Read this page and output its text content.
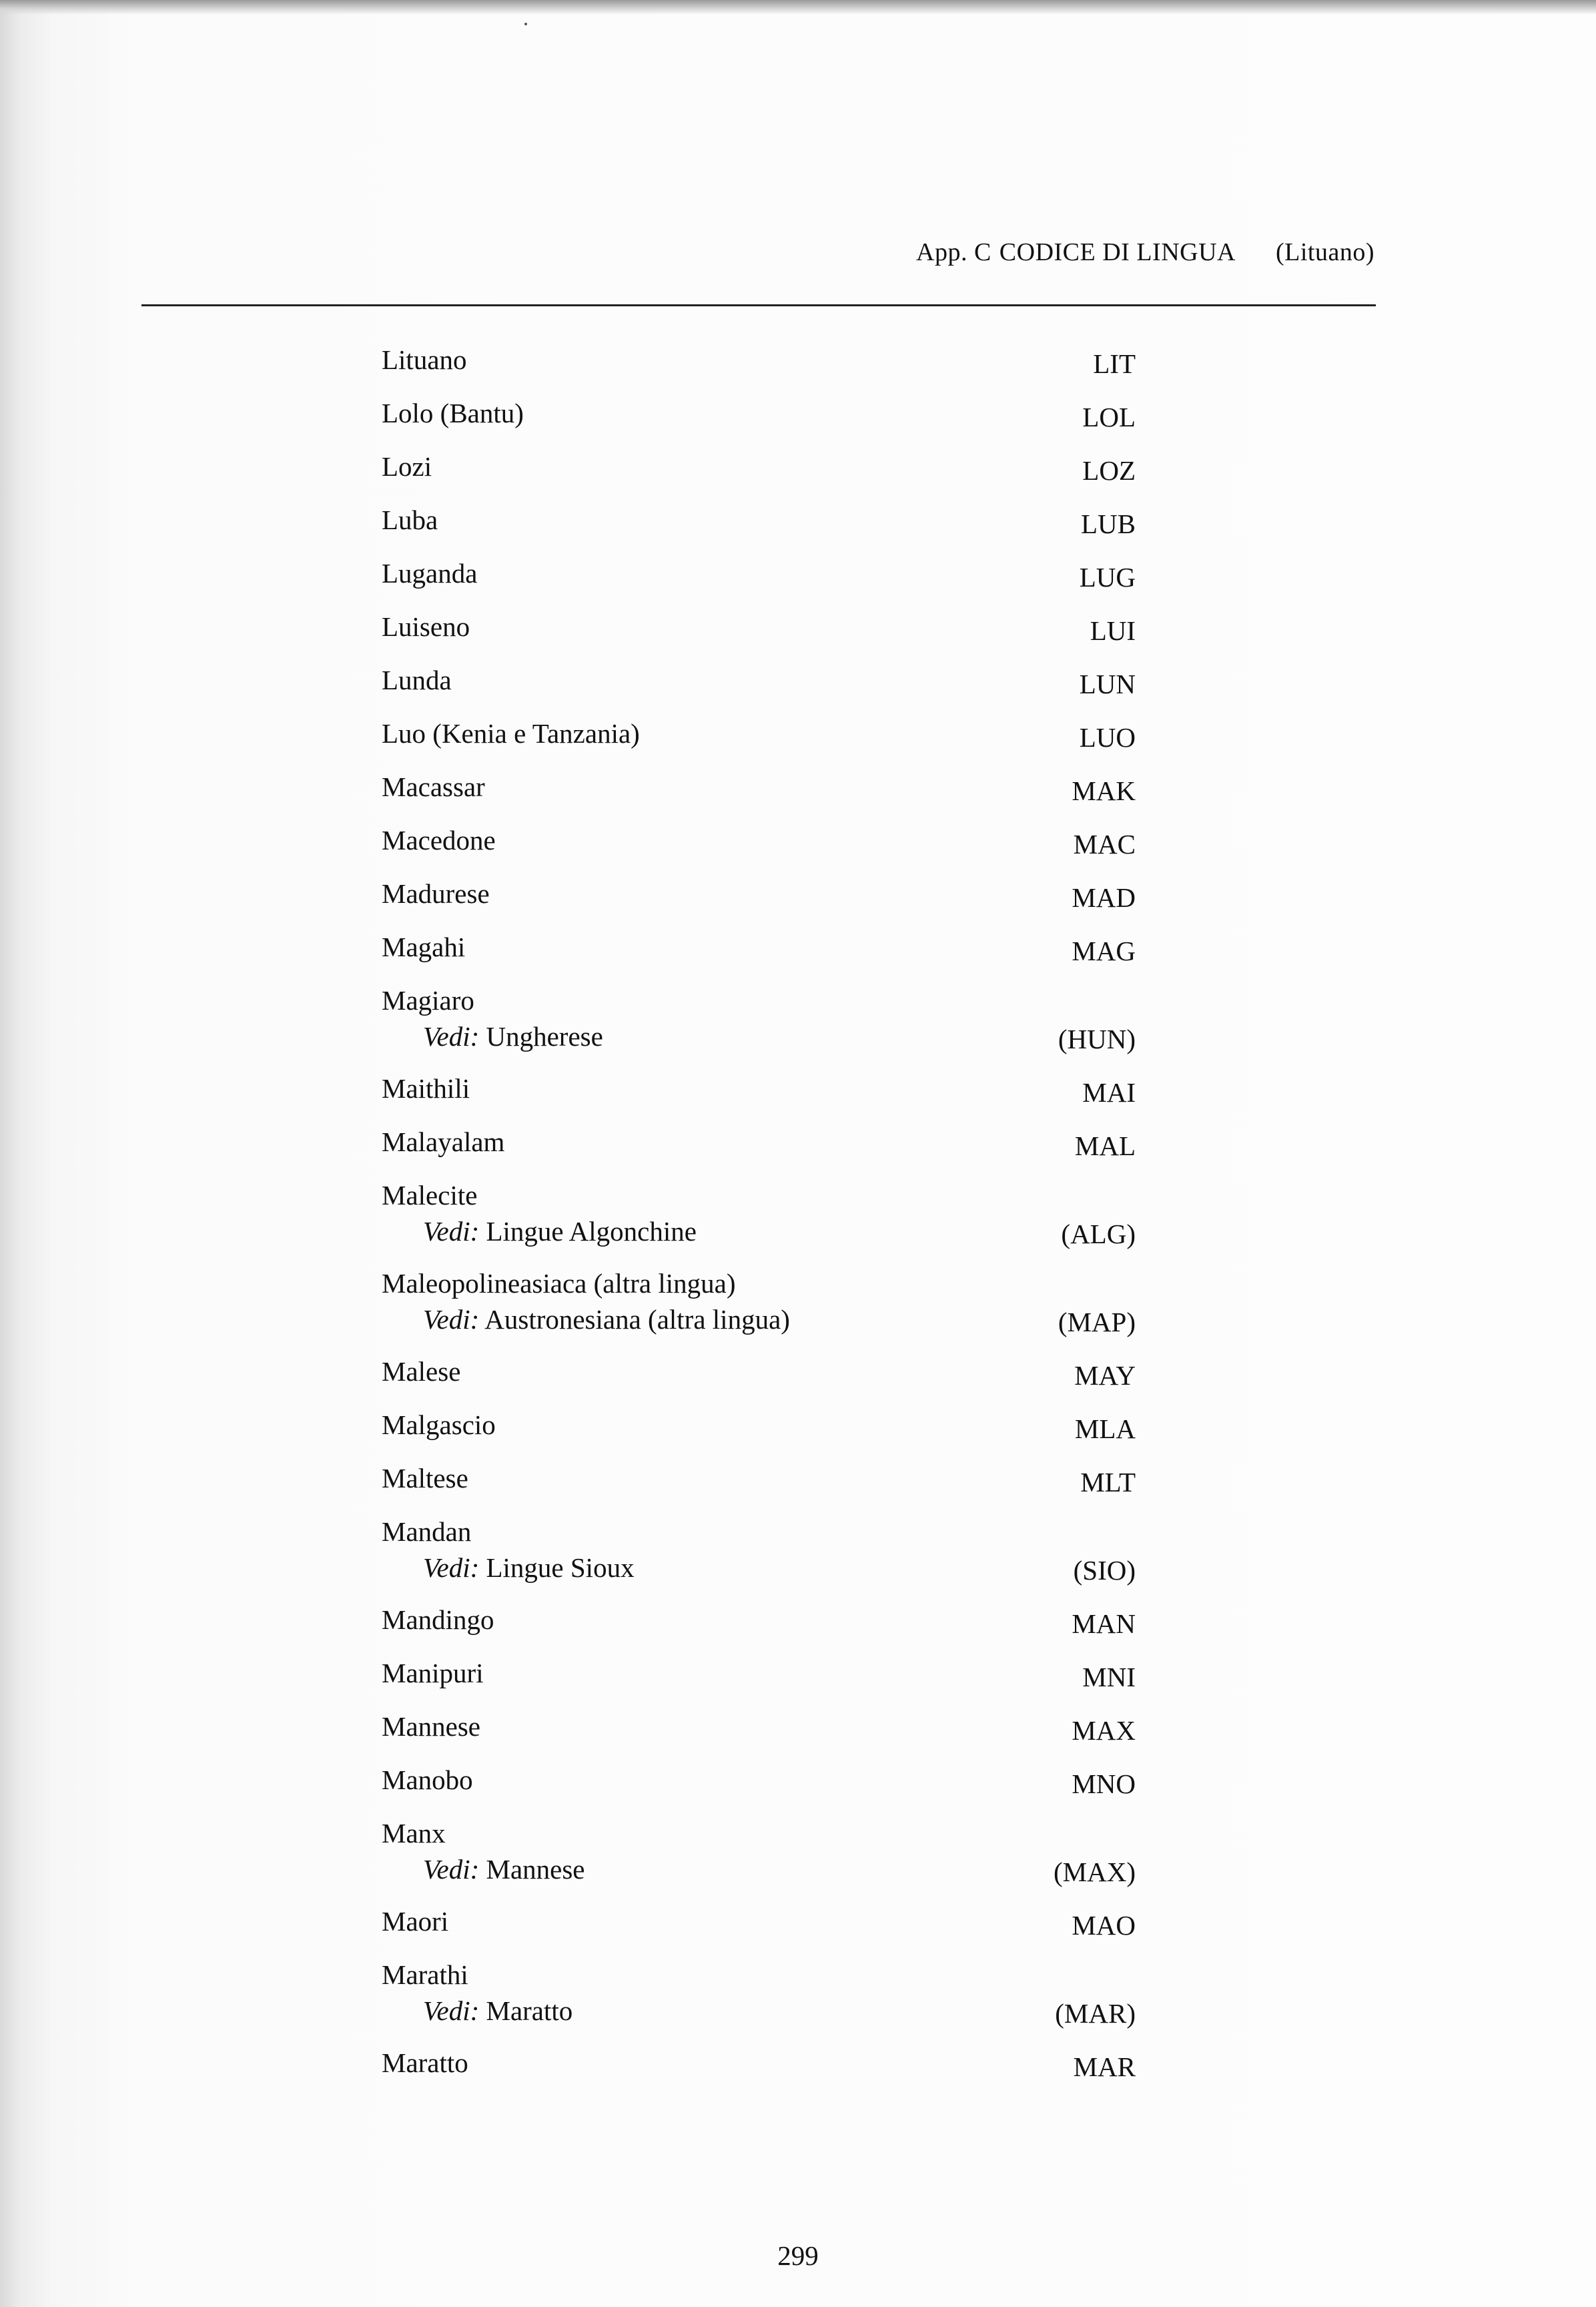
App. C CODICE DI LINGUA (Lituano)
Lituano	LIT
Lolo (Bantu)	LOL
Lozi	LOZ
Luba	LUB
Luganda	LUG
Luiseno	LUI
Lunda	LUN
Luo (Kenia e Tanzania)	LUO
Macassar	MAK
Macedone	MAC
Madurese	MAD
Magahi	MAG
Magiaro
Vedi: Ungherese	(HUN)
Maithili	MAI
Malayalam	MAL
Malecite
Vedi: Lingue Algonchine	(ALG)
Maleopolineasiaca (altra lingua)
Vedi: Austronesiana (altra lingua)	(MAP)
Malese	MAY
Malgascio	MLA
Maltese	MLT
Mandan
Vedi: Lingue Sioux	(SIO)
Mandingo	MAN
Manipuri	MNI
Mannese	MAX
Manobo	MNO
Manx
Vedi: Mannese	(MAX)
Maori	MAO
Marathi
Vedi: Maratto	(MAR)
Maratto	MAR
299
